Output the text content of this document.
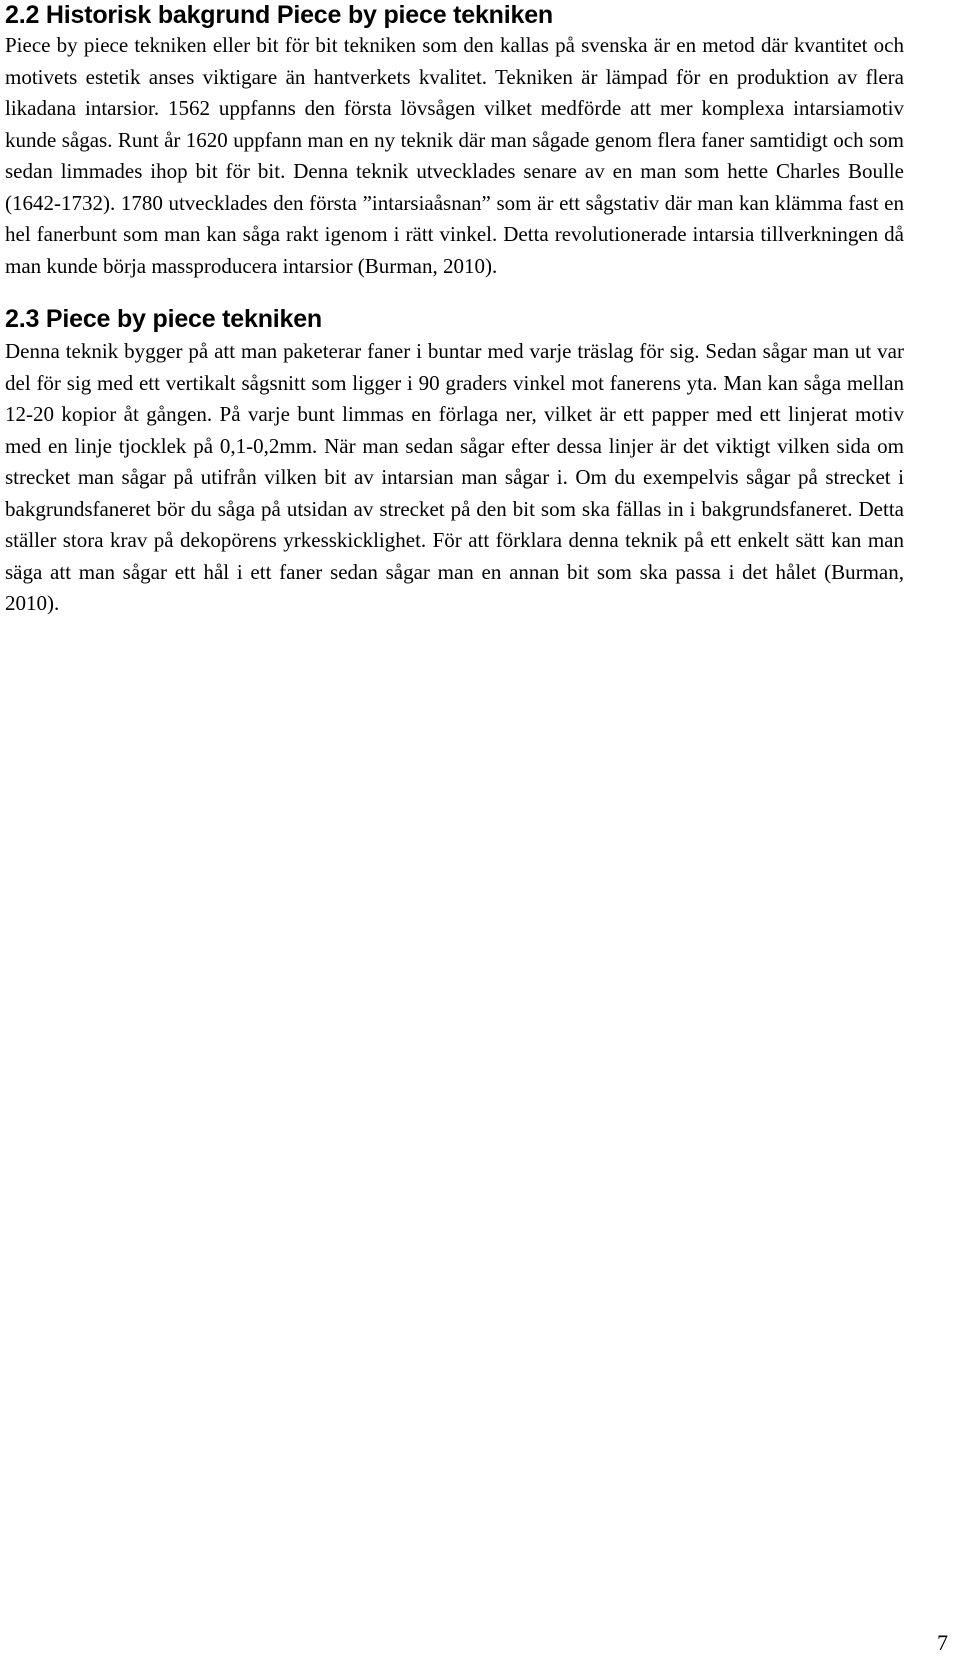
2.2 Historisk bakgrund Piece by piece tekniken

Piece by piece tekniken eller bit för bit tekniken som den kallas på svenska är en metod där kvantitet och motivets estetik anses viktigare än hantverkets kvalitet. Tekniken är lämpad för en produktion av flera likadana intarsior. 1562 uppfanns den första lövsågen vilket medförde att mer komplexa intarsiamotiv kunde sågas. Runt år 1620 uppfann man en ny teknik där man sågade genom flera faner samtidigt och som sedan limmades ihop bit för bit. Denna teknik utvecklades senare av en man som hette Charles Boulle (1642-1732). 1780 utvecklades den första ”intarsiaåsnan” som är ett sågstativ där man kan klämma fast en hel fanerbunt som man kan såga rakt igenom i rätt vinkel. Detta revolutionerade intarsia tillverkningen då man kunde börja massproducera intarsior (Burman, 2010).

2.3 Piece by piece tekniken

Denna teknik bygger på att man paketerar faner i buntar med varje träslag för sig. Sedan sågar man ut var del för sig med ett vertikalt sågsnitt som ligger i 90 graders vinkel mot fanerens yta. Man kan såga mellan 12-20 kopior åt gången. På varje bunt limmas en förlaga ner, vilket är ett papper med ett linjerat motiv med en linje tjocklek på 0,1-0,2mm. När man sedan sågar efter dessa linjer är det viktigt vilken sida om strecket man sågar på utifrån vilken bit av intarsian man sågar i. Om du exempelvis sågar på strecket i bakgrundsfaneret bör du såga på utsidan av strecket på den bit som ska fällas in i bakgrundsfaneret. Detta ställer stora krav på dekopörens yrkesskicklighet. För att förklara denna teknik på ett enkelt sätt kan man säga att man sågar ett hål i ett faner sedan sågar man en annan bit som ska passa i det hålet (Burman, 2010).

7
